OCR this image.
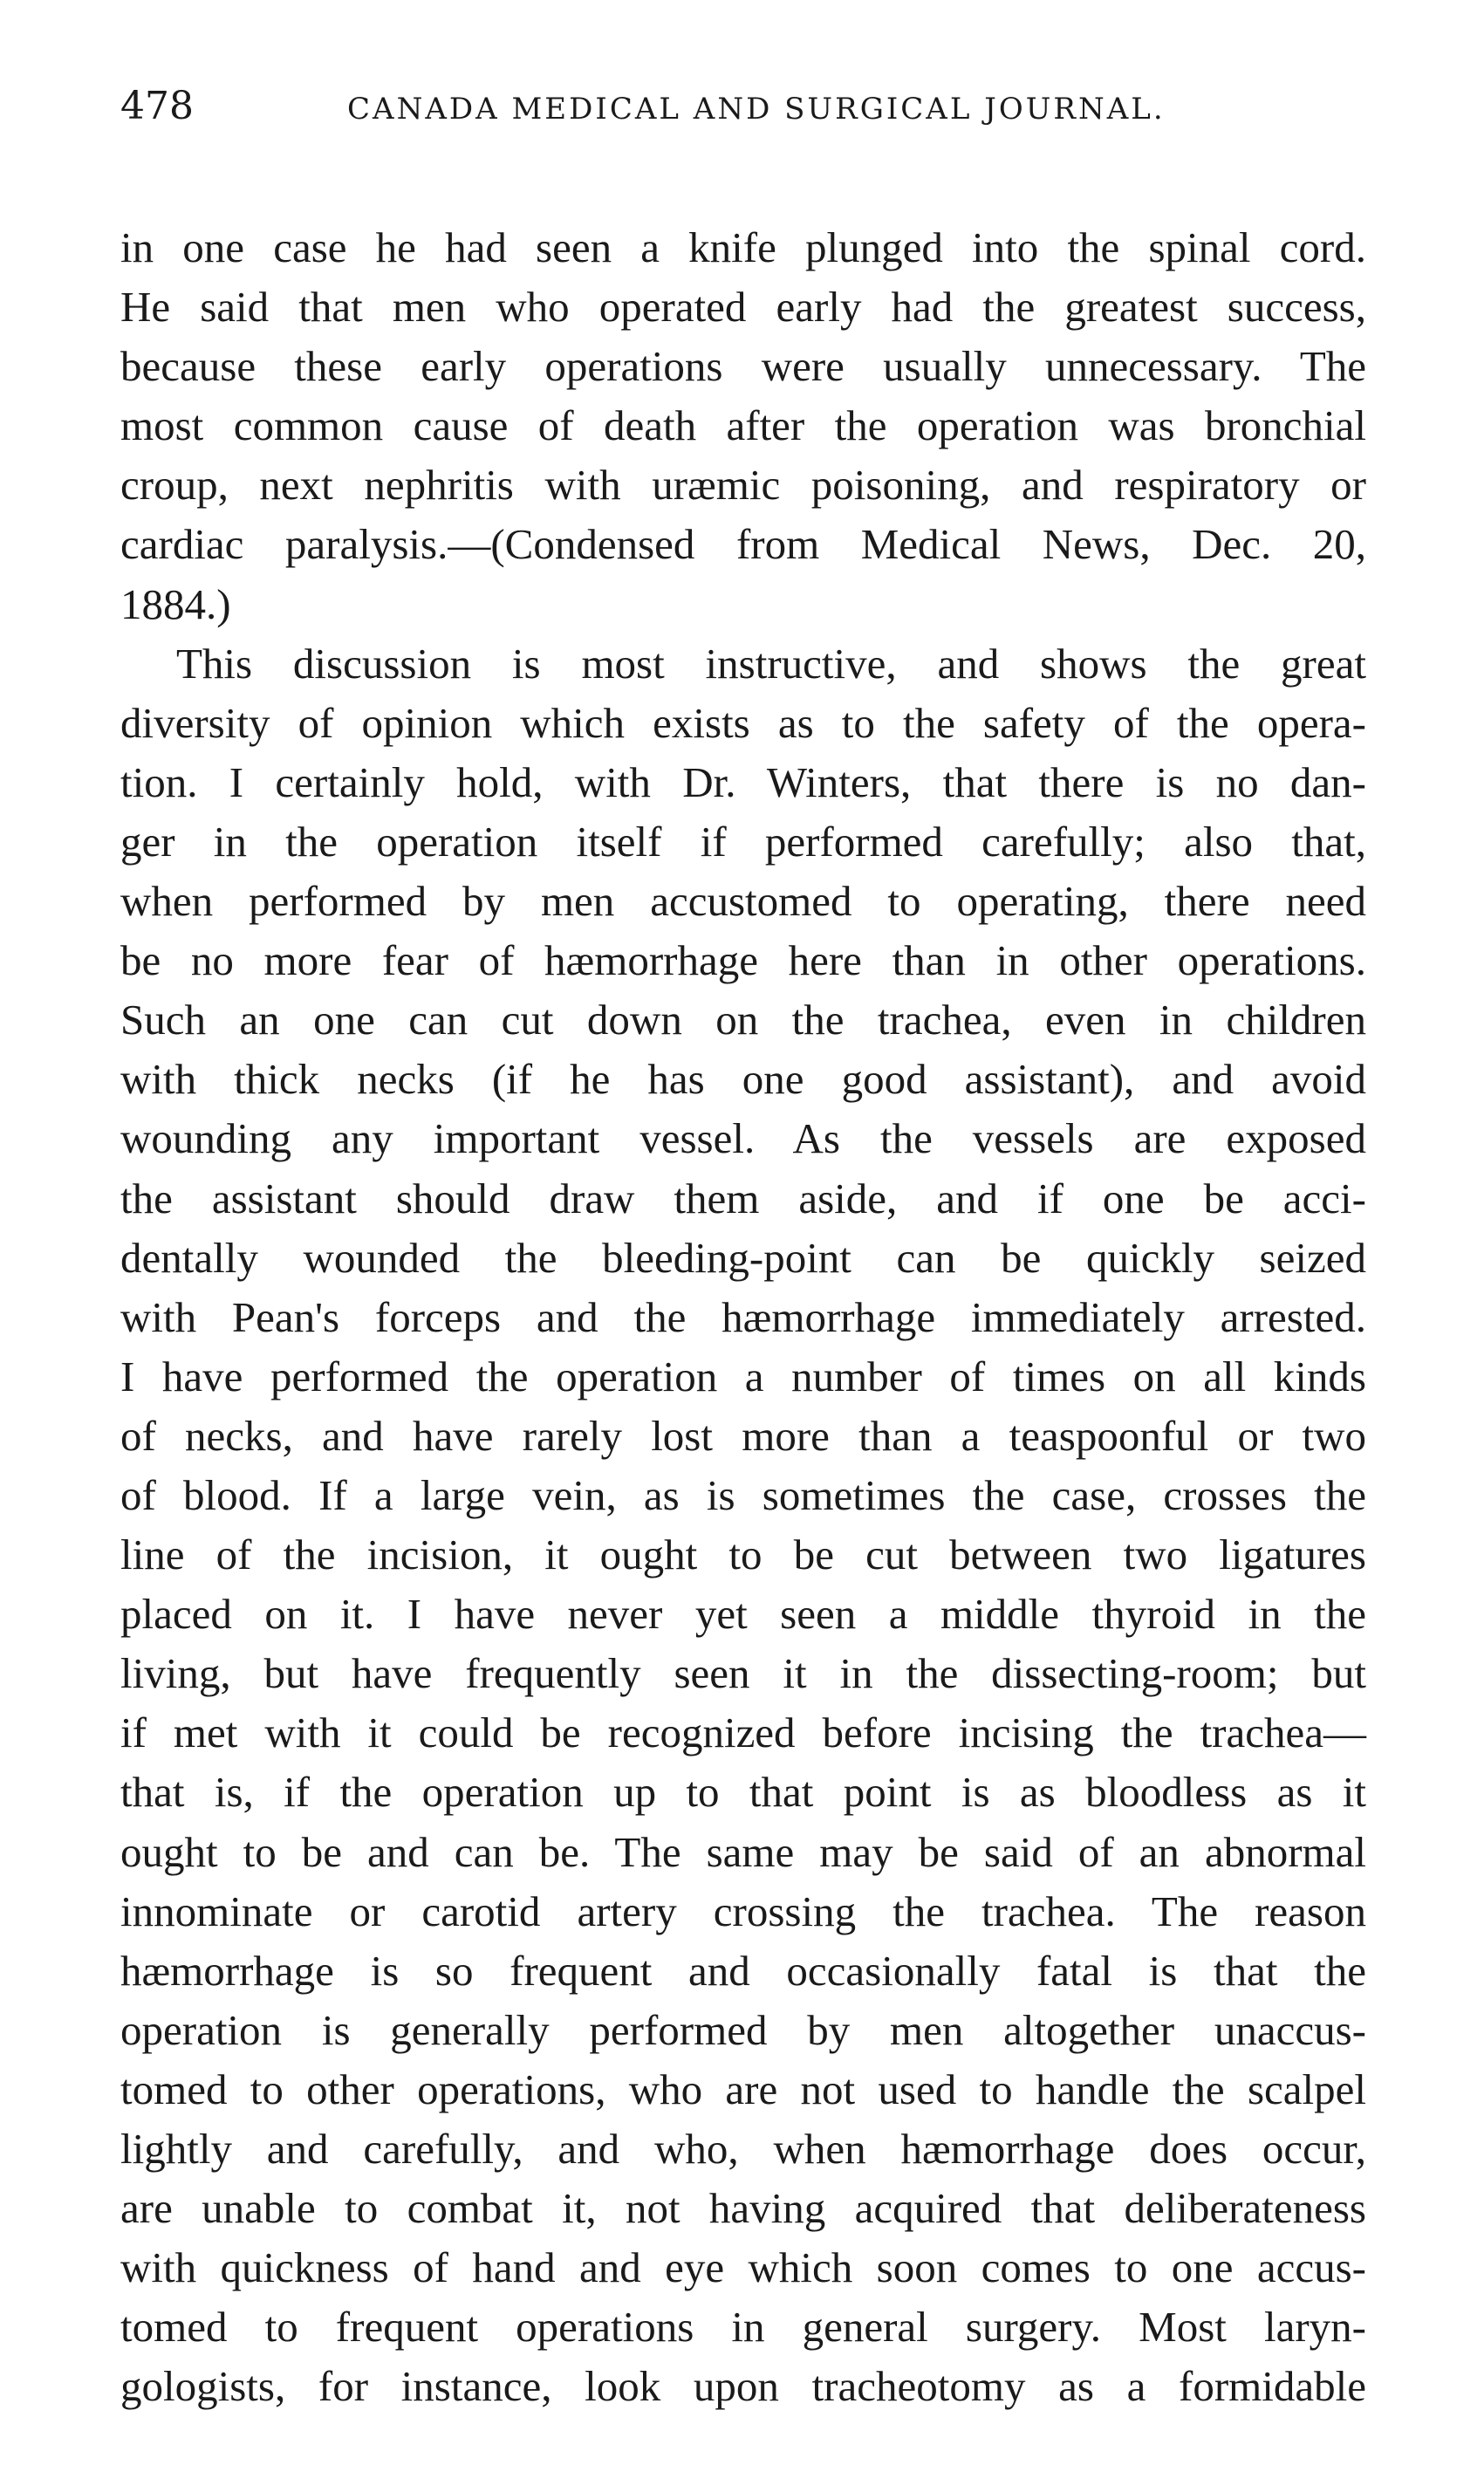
478	CANADA MEDICAL AND SURGICAL JOURNAL.
in one case he had seen a knife plunged into the spinal cord.
He said that men who operated early had the greatest success,
because these early operations were usually unnecessary. The
most common cause of death after the operation was bronchial
croup, next nephritis with uræmic poisoning, and respiratory or
cardiac paralysis.—(Condensed from Medical News, Dec. 20,
1884.)
This discussion is most instructive, and shows the great
diversity of opinion which exists as to the safety of the opera-
tion. I certainly hold, with Dr. Winters, that there is no dan-
ger in the operation itself if performed carefully; also that,
when performed by men accustomed to operating, there need
be no more fear of hæmorrhage here than in other operations.
Such an one can cut down on the trachea, even in children
with thick necks (if he has one good assistant), and avoid
wounding any important vessel. As the vessels are exposed
the assistant should draw them aside, and if one be acci-
dentally wounded the bleeding-point can be quickly seized
with Pean's forceps and the hæmorrhage immediately arrested.
I have performed the operation a number of times on all kinds
of necks, and have rarely lost more than a teaspoonful or two
of blood. If a large vein, as is sometimes the case, crosses the
line of the incision, it ought to be cut between two ligatures
placed on it. I have never yet seen a middle thyroid in the
living, but have frequently seen it in the dissecting-room; but
if met with it could be recognized before incising the trachea—
that is, if the operation up to that point is as bloodless as it
ought to be and can be. The same may be said of an abnormal
innominate or carotid artery crossing the trachea. The reason
hæmorrhage is so frequent and occasionally fatal is that the
operation is generally performed by men altogether unaccus-
tomed to other operations, who are not used to handle the scalpel
lightly and carefully, and who, when hæmorrhage does occur,
are unable to combat it, not having acquired that deliberateness
with quickness of hand and eye which soon comes to one accus-
tomed to frequent operations in general surgery. Most laryn-
gologists, for instance, look upon tracheotomy as a formidable
